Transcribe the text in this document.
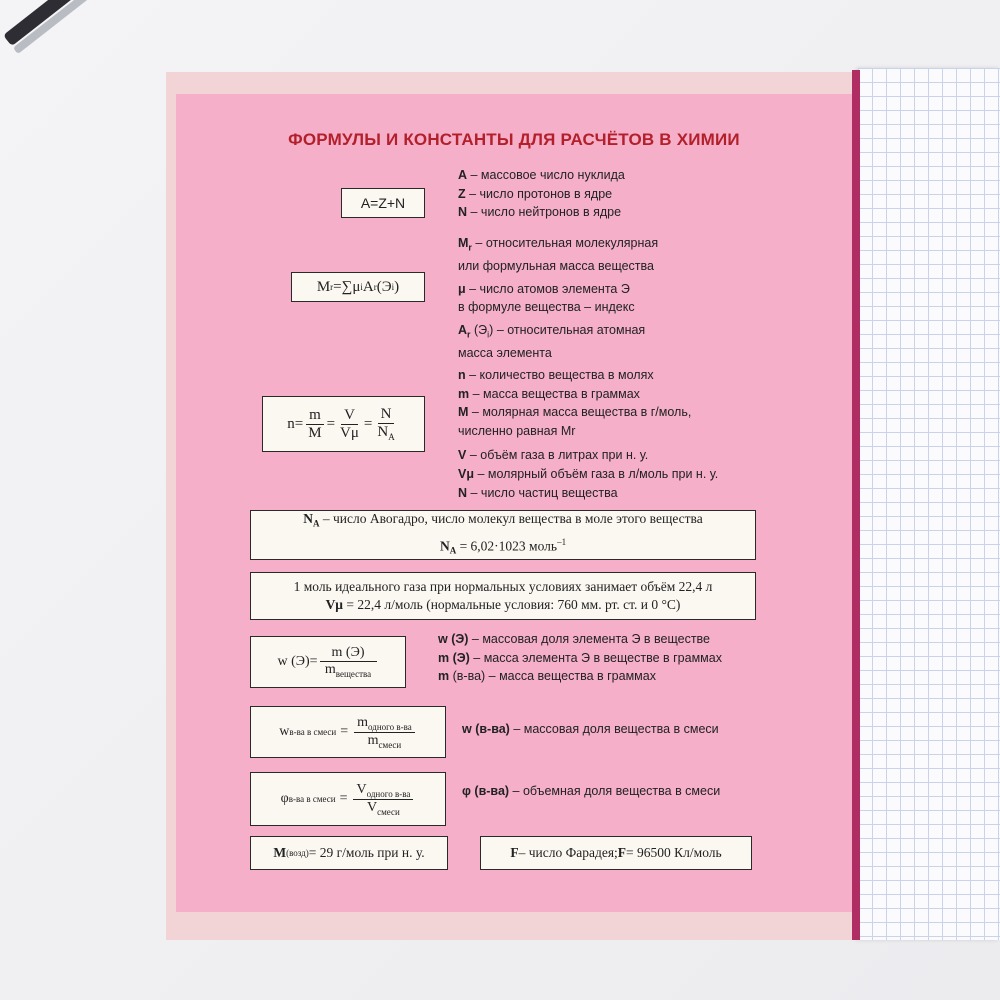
ФОРМУЛЫ И КОНСТАНТЫ ДЛЯ РАСЧЁТОВ В ХИМИИ
A=Z+N
A – массовое число нуклида
Z – число протонов в ядре
N – число нейтронов в ядре
M r =∑μ i A r (Э i )
$M_r$ – относительная молекулярная
или формульная масса вещества
μ – число атомов элемента Э
в формуле вещества – индекс
$A_r$ $(Э_i)$ – относительная атомная
масса элемента
$n= \frac{m}{M} = \frac{V}{V\mu} = \frac{N}{N_A}$
n – количество вещества в молях
m – масса вещества в граммах
M – молярная масса вещества в г/моль,
численно равная Mr
V – объём газа в литрах при н. у.
Vμ – молярный объём газа в л/моль при н. у.
N – число частиц вещества
$N_A$ – число Авогадро, число молекул вещества в моле этого вещества
$N_A = 6,02\cdot 1023$ моль$^{-1}$
1 моль идеального газа при нормальных условиях занимает объём 22,4 л
Vμ = 22,4 л/моль (нормальные условия: 760 мм. рт. ст. и 0 °C)
w $(Э)= \frac{m (Э)}{m_{вещества}}$
w (Э) – массовая доля элемента Э в веществе
m (Э) – масса элемента Э в веществе в граммах
m (в-ва) – масса вещества в граммах
w в-ва в смеси = $\frac{m_{одного в-ва}}{m_{смеси}}$	w (в-ва) – массовая доля вещества в смеси
φ в-ва в смеси = $\frac{V_{одного в-ва}}{V_{смеси}}$	φ (в-ва) – объемная доля вещества в смеси
M (возд) = 29 г/моль при н. у.	F – число Фарадея; F = 96500 Кл/моль
